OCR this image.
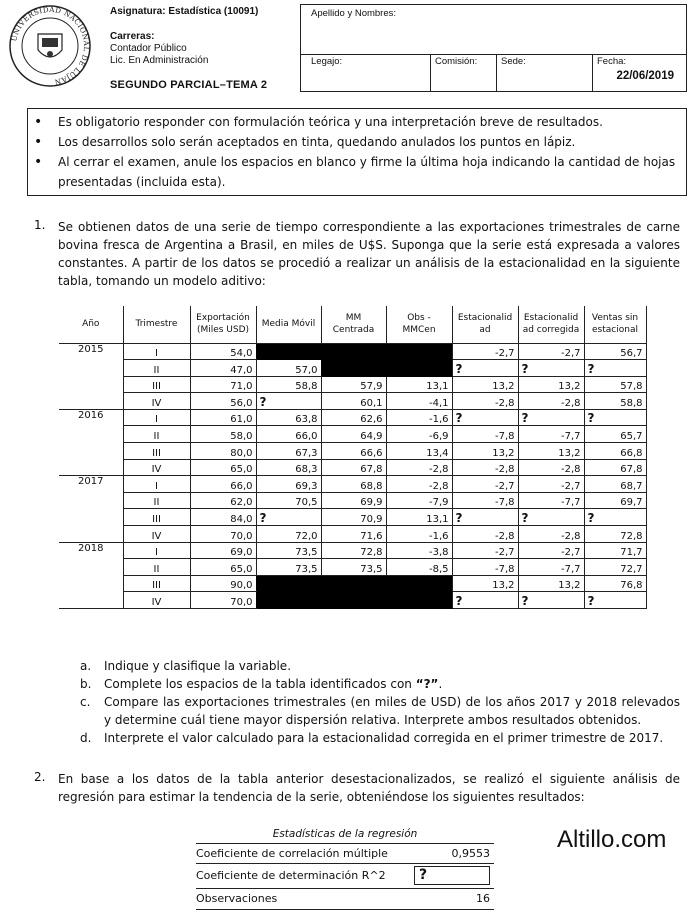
UNIVERSIDAD NACIONAL DE LUJÁN
Asignatura: Estadística (10091)
Carreras:
Contador Público
Lic. En Administración
SEGUNDO PARCIAL–TEMA 2
Apellido y Nombres:
Legajo:	Comisión:	Sede:	Fecha:
22/06/2019
• Es obligatorio responder con formulación teórica y una interpretación breve de resultados.
• Los desarrollos solo serán aceptados en tinta, quedando anulados los puntos en lápiz.
• Al cerrar el examen, anule los espacios en blanco y firme la última hoja indicando la cantidad de hojas presentadas (incluida esta).
1. Se obtienen datos de una serie de tiempo correspondiente a las exportaciones trimestrales de carne bovina fresca de Argentina a Brasil, en miles de U$S. Suponga que la serie está expresada a valores constantes. A partir de los datos se procedió a realizar un análisis de la estacionalidad en la siguiente tabla, tomando un modelo aditivo:
Año	Trimestre	Exportación (Miles USD)	Media Móvil	MM Centrada	Obs - MMCen	Estacionalid ad	Estacionalid ad corregida	Ventas sin estacional
2015	I	54,0				-2,7	-2,7	56,7
	II	47,0	57,0			?	?	?
	III	71,0	58,8	57,9	13,1	13,2	13,2	57,8
	IV	56,0	?	60,1	-4,1	-2,8	-2,8	58,8
2016	I	61,0	63,8	62,6	-1,6	?	?	?
	II	58,0	66,0	64,9	-6,9	-7,8	-7,7	65,7
	III	80,0	67,3	66,6	13,4	13,2	13,2	66,8
	IV	65,0	68,3	67,8	-2,8	-2,8	-2,8	67,8
2017	I	66,0	69,3	68,8	-2,8	-2,7	-2,7	68,7
	II	62,0	70,5	69,9	-7,9	-7,8	-7,7	69,7
	III	84,0	?	70,9	13,1	?	?	?
	IV	70,0	72,0	71,6	-1,6	-2,8	-2,8	72,8
2018	I	69,0	73,5	72,8	-3,8	-2,7	-2,7	71,7
	II	65,0	73,5	73,5	-8,5	-7,8	-7,7	72,7
	III	90,0				13,2	13,2	76,8
	IV	70,0				?	?	?
a. Indique y clasifique la variable.
b. Complete los espacios de la tabla identificados con “?”.
c. Compare las exportaciones trimestrales (en miles de USD) de los años 2017 y 2018 relevados y determine cuál tiene mayor dispersión relativa. Interprete ambos resultados obtenidos.
d. Interprete el valor calculado para la estacionalidad corregida en el primer trimestre de 2017.
2. En base a los datos de la tabla anterior desestacionalizados, se realizó el siguiente análisis de regresión para estimar la tendencia de la serie, obteniéndose los siguientes resultados:
Estadísticas de la regresión
Coeficiente de correlación múltiple	0,9553
Coeficiente de determinación R^2	?
Observaciones	16
Altillo.com
